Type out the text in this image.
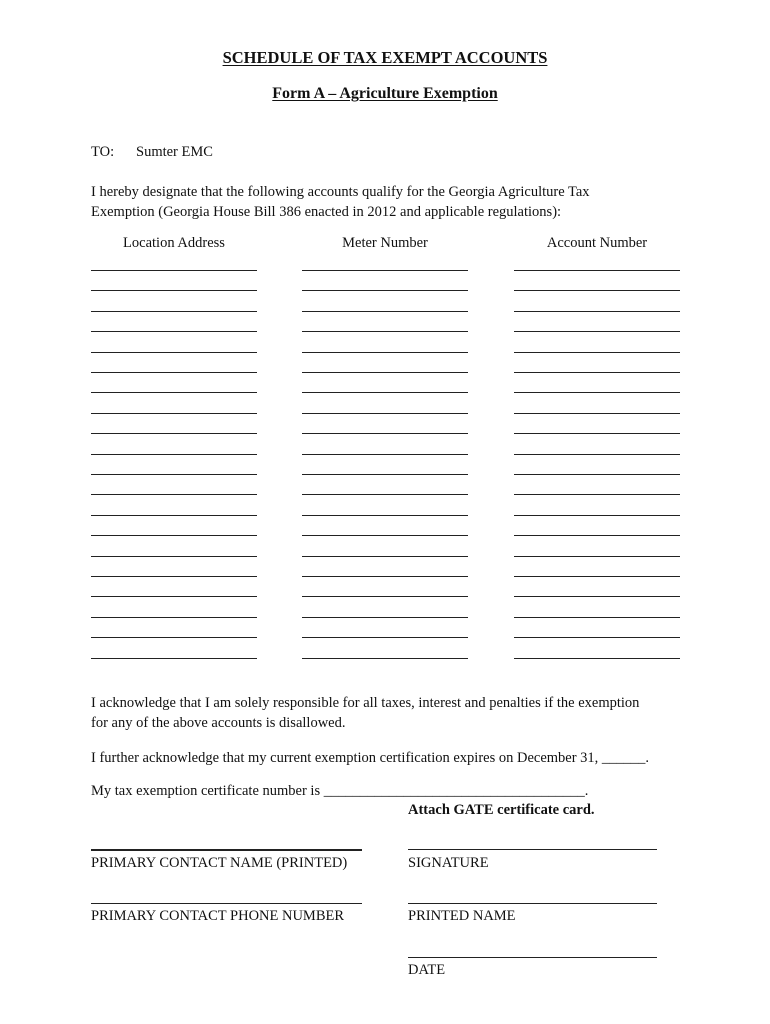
SCHEDULE OF TAX EXEMPT ACCOUNTS
Form A – Agriculture Exemption
TO: Sumter EMC
I hereby designate that the following accounts qualify for the Georgia Agriculture Tax
Exemption (Georgia House Bill 386 enacted in 2012 and applicable regulations):
Location Address	Meter Number	Account Number
I acknowledge that I am solely responsible for all taxes, interest and penalties if the exemption
for any of the above accounts is disallowed.
I further acknowledge that my current exemption certification expires on December 31, ______.
My tax exemption certificate number is ____________________________________.
Attach GATE certificate card.
PRIMARY CONTACT NAME (PRINTED)
PRIMARY CONTACT PHONE NUMBER
SIGNATURE
PRINTED NAME
DATE
